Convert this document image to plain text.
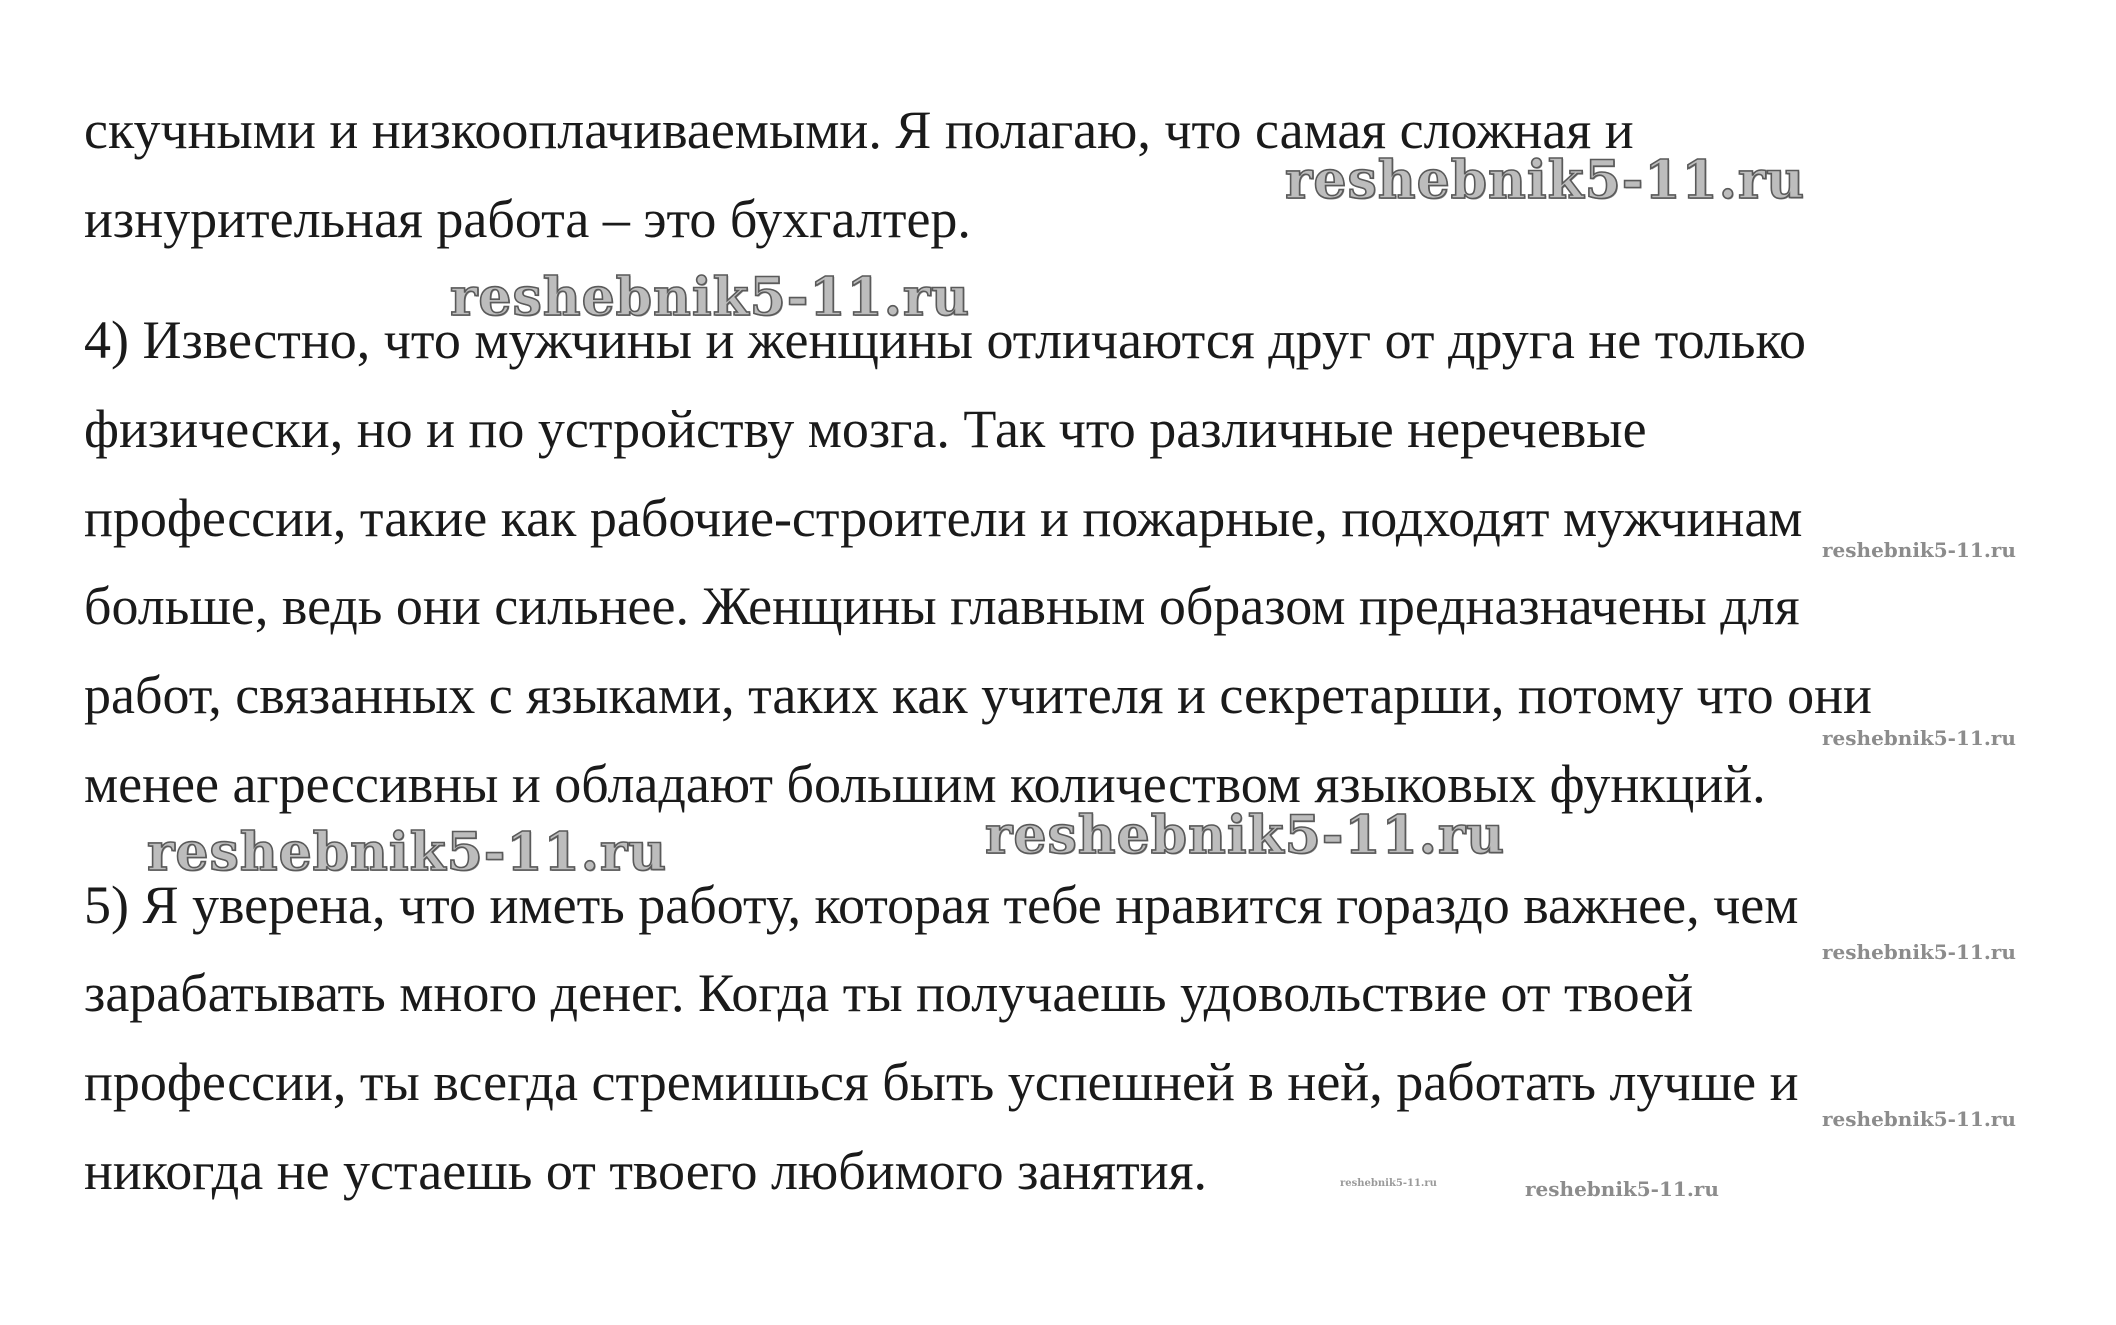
скучными и низкооплачиваемыми. Я полагаю, что самая сложная и

изнурительная работа – это бухгалтер.

4) Известно, что мужчины и женщины отличаются друг от друга не только

физически, но и по устройству мозга. Так что различные неречевые

профессии, такие как рабочие-строители и пожарные, подходят мужчинам

больше, ведь они сильнее. Женщины главным образом предназначены для

работ, связанных с языками, таких как учителя и секретарши, потому что они

менее агрессивны и обладают большим количеством языковых функций.

5) Я уверена, что иметь работу, которая тебе нравится гораздо важнее, чем

зарабатывать много денег. Когда ты получаешь удовольствие от твоей

профессии, ты всегда стремишься быть успешней в ней, работать лучше и

никогда не устаешь от твоего любимого занятия.

reshebnik5-11.ru
reshebnik5-11.ru
reshebnik5-11.ru	reshebnik5-11.ru
reshebnik5-11.ru
reshebnik5-11.ru
reshebnik5-11.ru
reshebnik5-11.ru
reshebnik5-11.ru
reshebnik5-11.ru
